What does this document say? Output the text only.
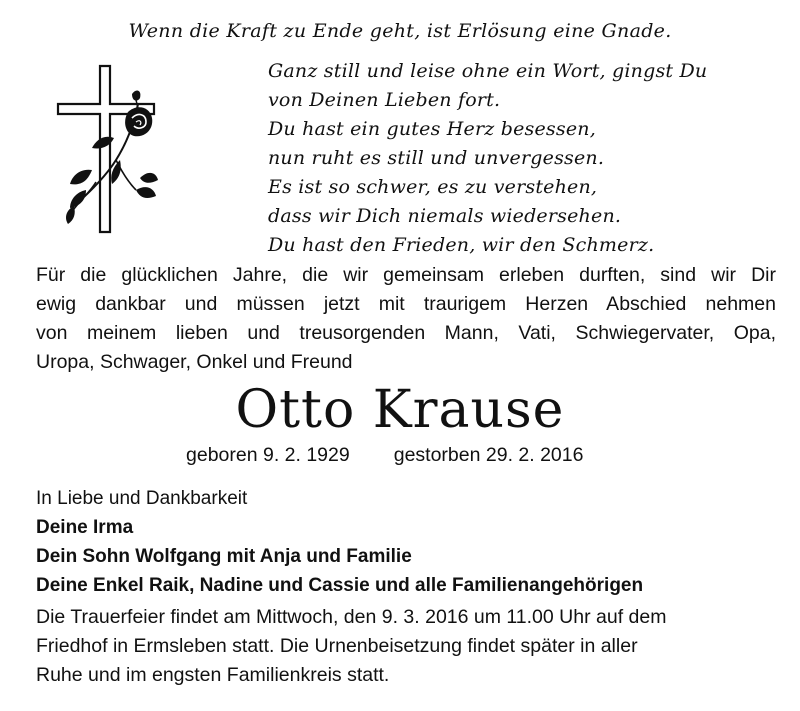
Wenn die Kraft zu Ende geht, ist Erlösung eine Gnade.
Ganz still und leise ohne ein Wort, gingst Du
von Deinen Lieben fort.
Du hast ein gutes Herz besessen,
nun ruht es still und unvergessen.
Es ist so schwer, es zu verstehen,
dass wir Dich niemals wiedersehen.
Du hast den Frieden, wir den Schmerz.
Für die glücklichen Jahre, die wir gemeinsam erleben durften, sind wir Dir
ewig dankbar und müssen jetzt mit traurigem Herzen Abschied nehmen
von meinem lieben und treusorgenden Mann, Vati, Schwiegervater, Opa,
Uropa, Schwager, Onkel und Freund
Otto Krause
geboren 9. 2. 1929 gestorben 29. 2. 2016
In Liebe und Dankbarkeit
Deine Irma
Dein Sohn Wolfgang mit Anja und Familie
Deine Enkel Raik, Nadine und Cassie und alle Familienangehörigen
Die Trauerfeier findet am Mittwoch, den 9. 3. 2016 um 11.00 Uhr auf dem
Friedhof in Ermsleben statt. Die Urnenbeisetzung findet später in aller
Ruhe und im engsten Familienkreis statt.
